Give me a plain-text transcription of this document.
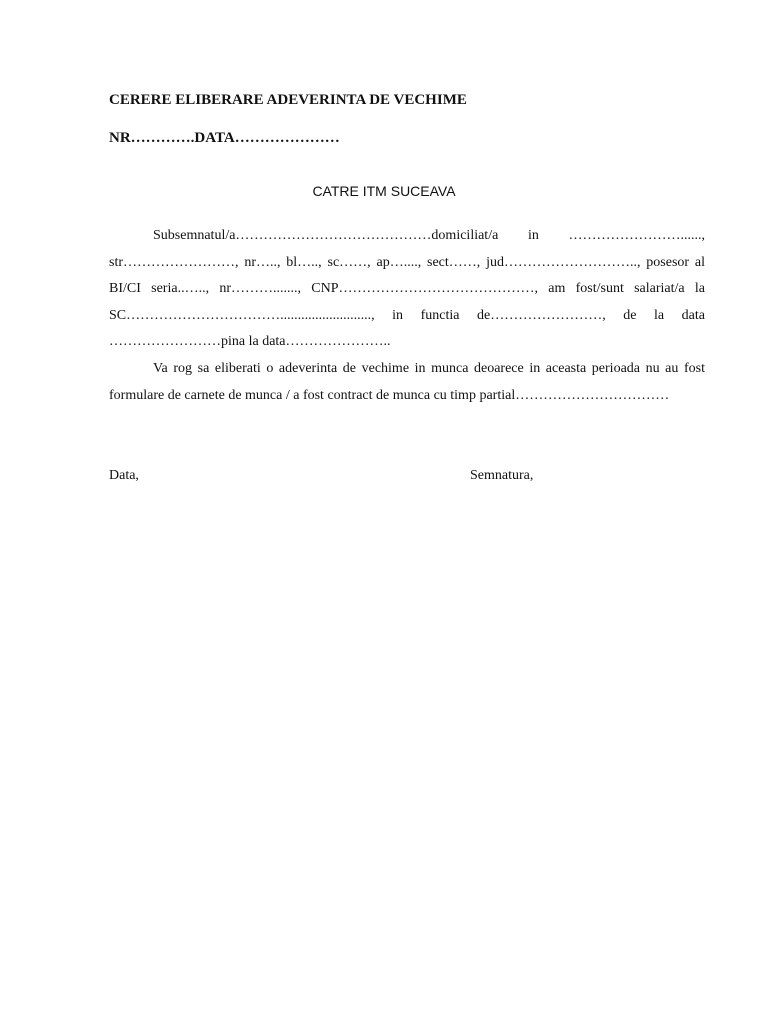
CERERE ELIBERARE ADEVERINTA DE VECHIME
NR………….DATA…………………
CATRE ITM SUCEAVA

Subsemnatul/a……………………………………domiciliat/a in ……………………......, str……………………, nr….., bl….., sc……, ap…...., sect……, jud……………………….., posesor al BI/CI seria..….., nr………......., CNP……………………………………, am fost/sunt salariat/a la SC…………………………….........................., in functia de……………………, de la data ……………………pina la data…………………..

Va rog sa eliberati o adeverinta de vechime in munca deoarece in aceasta perioada nu au fost formulare de carnete de munca / a fost contract de munca cu timp partial……………………………

Data,	Semnatura,
